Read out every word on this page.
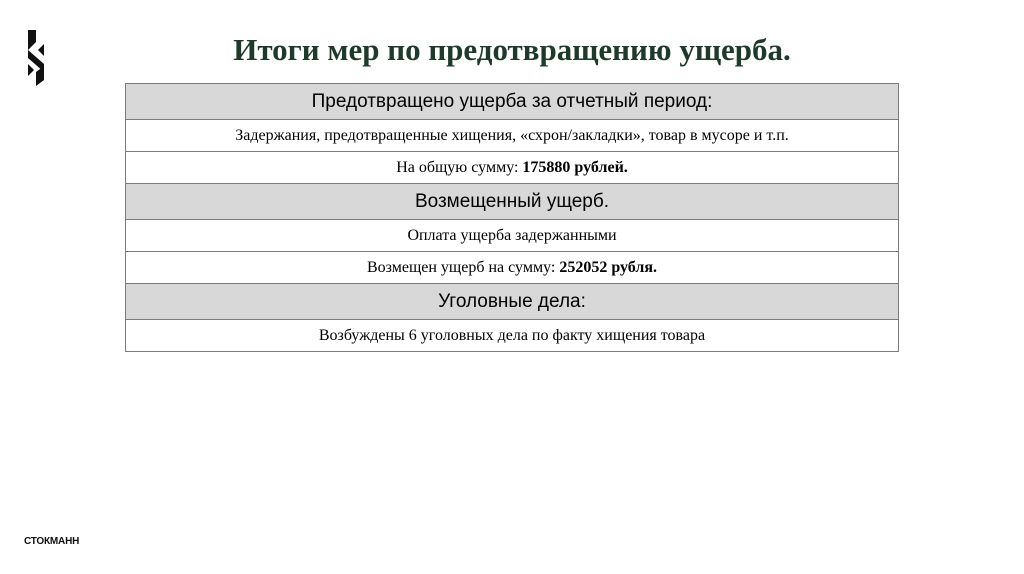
Итоги мер по предотвращению ущерба.
Предотвращено ущерба за отчетный период:
Задержания, предотвращенные хищения, «схрон/закладки», товар в мусоре и т.п.
На общую сумму: 175880 рублей.
Возмещенный ущерб.
Оплата ущерба задержанными
Возмещен ущерб на сумму: 252052 рубля.
Уголовные дела:
Возбуждены 6 уголовных дела по факту хищения товара
СТОКМАНН
